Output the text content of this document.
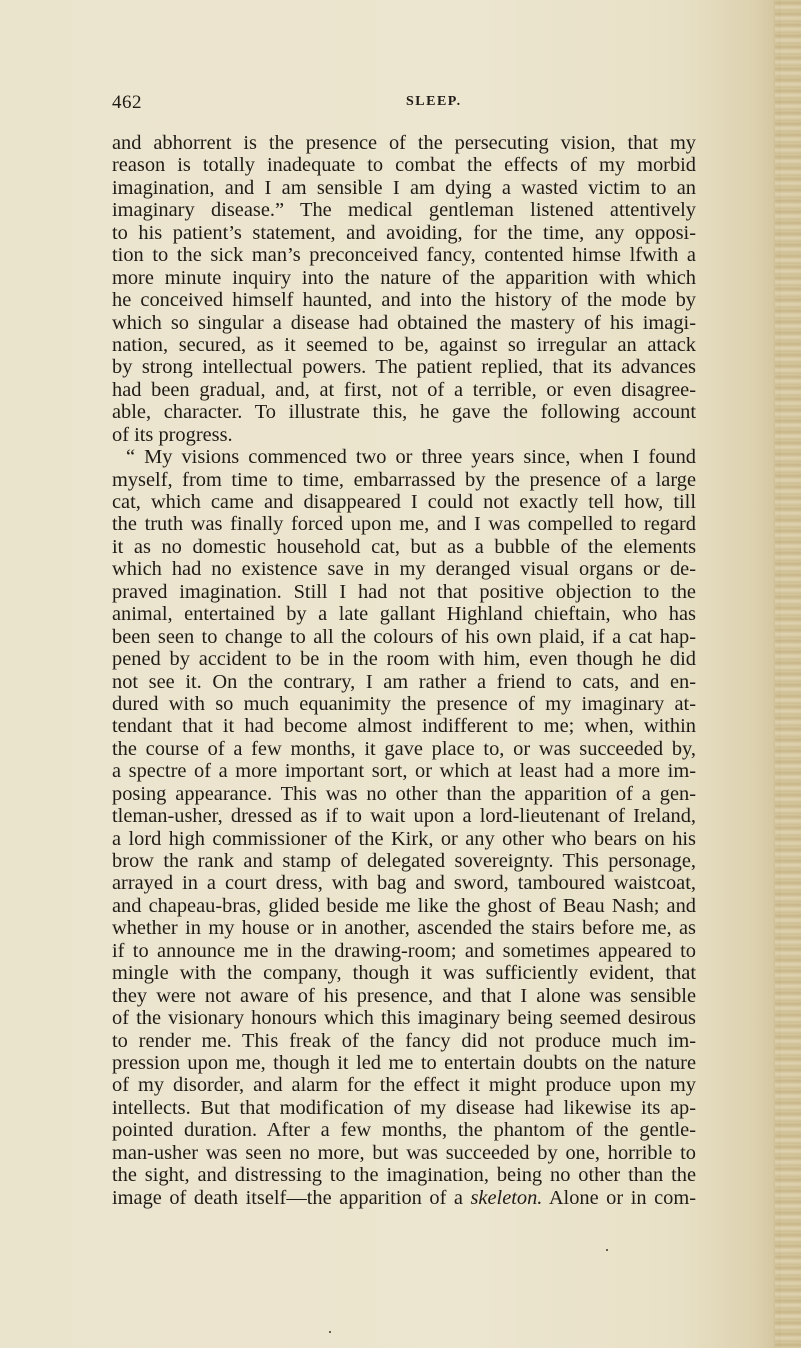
462	SLEEP.
and abhorrent is the presence of the persecuting vision, that my
reason is totally inadequate to combat the effects of my morbid
imagination, and I am sensible I am dying a wasted victim to an
imaginary disease.” The medical gentleman listened attentively
to his patient’s statement, and avoiding, for the time, any opposi-
tion to the sick man’s preconceived fancy, contented himse lfwith a
more minute inquiry into the nature of the apparition with which
he conceived himself haunted, and into the history of the mode by
which so singular a disease had obtained the mastery of his imagi-
nation, secured, as it seemed to be, against so irregular an attack
by strong intellectual powers. The patient replied, that its advances
had been gradual, and, at first, not of a terrible, or even disagree-
able, character. To illustrate this, he gave the following account
of its progress.
“ My visions commenced two or three years since, when I found
myself, from time to time, embarrassed by the presence of a large
cat, which came and disappeared I could not exactly tell how, till
the truth was finally forced upon me, and I was compelled to regard
it as no domestic household cat, but as a bubble of the elements
which had no existence save in my deranged visual organs or de-
praved imagination. Still I had not that positive objection to the
animal, entertained by a late gallant Highland chieftain, who has
been seen to change to all the colours of his own plaid, if a cat hap-
pened by accident to be in the room with him, even though he did
not see it. On the contrary, I am rather a friend to cats, and en-
dured with so much equanimity the presence of my imaginary at-
tendant that it had become almost indifferent to me; when, within
the course of a few months, it gave place to, or was succeeded by,
a spectre of a more important sort, or which at least had a more im-
posing appearance. This was no other than the apparition of a gen-
tleman-usher, dressed as if to wait upon a lord-lieutenant of Ireland,
a lord high commissioner of the Kirk, or any other who bears on his
brow the rank and stamp of delegated sovereignty. This personage,
arrayed in a court dress, with bag and sword, tamboured waistcoat,
and chapeau-bras, glided beside me like the ghost of Beau Nash; and
whether in my house or in another, ascended the stairs before me, as
if to announce me in the drawing-room; and sometimes appeared to
mingle with the company, though it was sufficiently evident, that
they were not aware of his presence, and that I alone was sensible
of the visionary honours which this imaginary being seemed desirous
to render me. This freak of the fancy did not produce much im-
pression upon me, though it led me to entertain doubts on the nature
of my disorder, and alarm for the effect it might produce upon my
intellects. But that modification of my disease had likewise its ap-
pointed duration. After a few months, the phantom of the gentle-
man-usher was seen no more, but was succeeded by one, horrible to
the sight, and distressing to the imagination, being no other than the
image of death itself—the apparition of a skeleton. Alone or in com-
